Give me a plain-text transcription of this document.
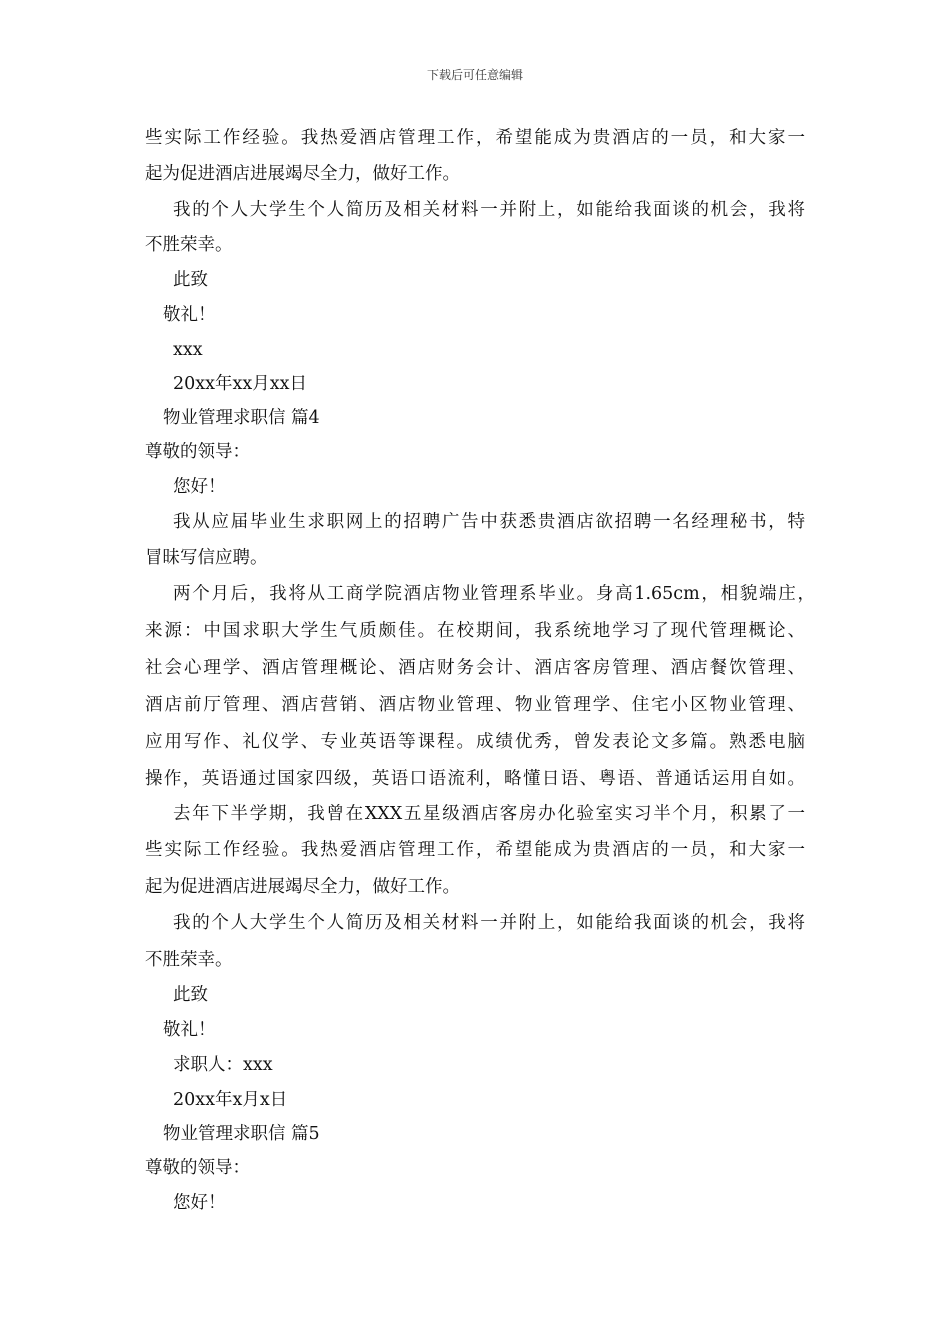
下载后可任意编辑
些实际工作经验。我热爱酒店管理工作，希望能成为贵酒店的一员，和大家一
起为促进酒店进展竭尽全力，做好工作。
我的个人大学生个人简历及相关材料一并附上，如能给我面谈的机会，我将
不胜荣幸。
此致
敬礼！
xxx
20xx年xx月xx日
物业管理求职信 篇4
尊敬的领导：
您好！
我从应届毕业生求职网上的招聘广告中获悉贵酒店欲招聘一名经理秘书，特
冒昧写信应聘。
两个月后，我将从工商学院酒店物业管理系毕业。身高1.65cm，相貌端庄，
来源：中国求职大学生气质颇佳。在校期间，我系统地学习了现代管理概论、
社会心理学、酒店管理概论、酒店财务会计、酒店客房管理、酒店餐饮管理、
酒店前厅管理、酒店营销、酒店物业管理、物业管理学、住宅小区物业管理、
应用写作、礼仪学、专业英语等课程。成绩优秀，曾发表论文多篇。熟悉电脑
操作，英语通过国家四级，英语口语流利，略懂日语、粤语、普通话运用自如。
去年下半学期，我曾在XXX五星级酒店客房办化验室实习半个月，积累了一
些实际工作经验。我热爱酒店管理工作，希望能成为贵酒店的一员，和大家一
起为促进酒店进展竭尽全力，做好工作。
我的个人大学生个人简历及相关材料一并附上，如能给我面谈的机会，我将
不胜荣幸。
此致
敬礼！
求职人：xxx
20xx年x月x日
物业管理求职信 篇5
尊敬的领导：
您好！
